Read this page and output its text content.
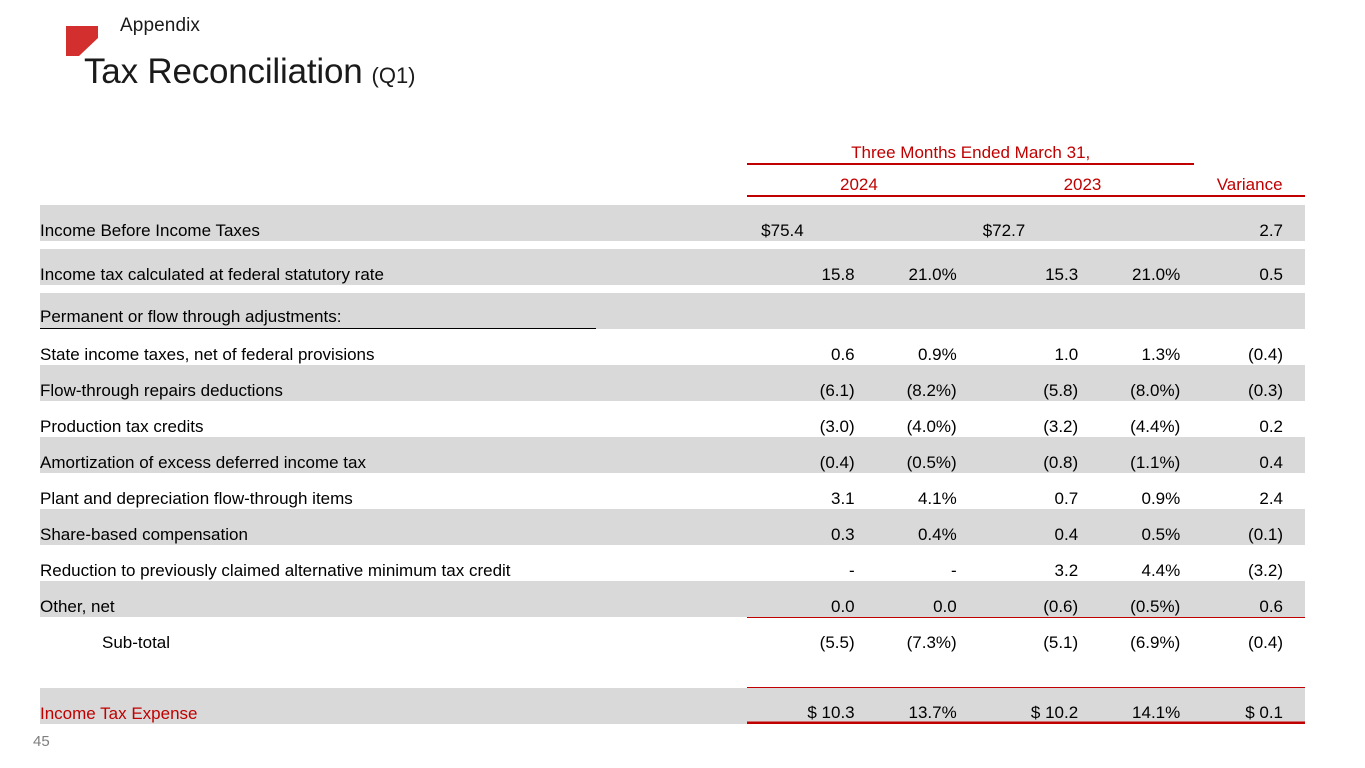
Appendix
Tax Reconciliation (Q1)
	Three Months Ended March 31,				
	2024		2023		Variance

Income Before Income Taxes	$75.4		$72.7		2.7

Income tax calculated at federal statutory rate	15.8	21.0%	15.3	21.0%	0.5

Permanent or flow through adjustments:					
State income taxes, net of federal provisions	0.6	0.9%	1.0	1.3%	(0.4)
Flow-through repairs deductions	(6.1)	(8.2%)	(5.8)	(8.0%)	(0.3)
Production tax credits	(3.0)	(4.0%)	(3.2)	(4.4%)	0.2
Amortization of excess deferred income tax	(0.4)	(0.5%)	(0.8)	(1.1%)	0.4
Plant and depreciation flow-through items	3.1	4.1%	0.7	0.9%	2.4
Share-based compensation	0.3	0.4%	0.4	0.5%	(0.1)
Reduction to previously claimed alternative minimum tax credit	-	-	3.2	4.4%	(3.2)
Other, net	0.0	0.0	(0.6)	(0.5%)	0.6
Sub-total	(5.5)	(7.3%)	(5.1)	(6.9%)	(0.4)

Income Tax Expense	$ 10.3	13.7%	$ 10.2	14.1%	$ 0.1
45
